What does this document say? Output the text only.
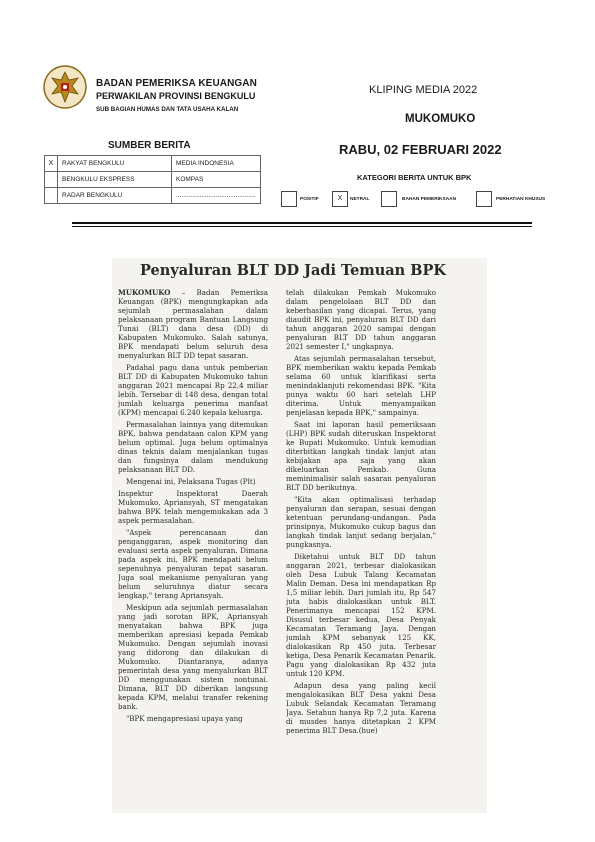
BADAN PEMERIKSA KEUANGAN
PERWAKILAN PROVINSI BENGKULU
SUB BAGIAN HUMAS DAN TATA USAHA KALAN
KLIPING MEDIA 2022
MUKOMUKO
RABU, 02 FEBRUARI 2022
SUMBER BERITA
X	RAKYAT BENGKULU	MEDIA INDONESIA
	BENGKULU EKSPRESS	KOMPAS
	RADAR BENGKULU	............................................
KATEGORI BERITA UNTUK BPK
POSITIF	X	NETRAL	BAHAN PEMERIKSAAN	PERHATIAN KHUSUS
Penyaluran BLT DD Jadi Temuan BPK

MUKOMUKO – Badan Pemeriksa Keuangan (BPK) mengungkapkan ada sejumlah permasalahan dalam pelaksanaan program Bantuan Langsung Tunai (BLT) dana desa (DD) di Kabupaten Mukomuko. Salah satunya, BPK mendapati belum seluruh desa menyalurkan BLT DD tepat sasaran.

Padahal pagu dana untuk pemberian BLT DD di Kabupaten Mukomuko tahun anggaran 2021 mencapai Rp 22,4 miliar lebih. Tersebar di 148 desa, dengan total jumlah keluarga penerima manfaat (KPM) mencapai 6.240 kepala keluarga.

Permasalahan lainnya yang ditemukan BPK, bahwa pendataan calon KPM yang belum optimal. Juga belum optimalnya dinas teknis dalam menjalankan tugas dan fungsinya dalam mendukung pelaksanaan BLT DD.

Mengenai ini, Pelaksana Tugas (Plt)

Inspektur Inspektorat Daerah Mukomuko, Apriansyah, ST mengatakan bahwa BPK telah mengemukakan ada 3 aspek permasalahan.

"Aspek perencanaan dan penganggaran, aspek monitoring dan evaluasi serta aspek penyaluran. Dimana pada aspek ini, BPK mendapati belum sepenuhnya penyaluran tepat sasaran. Juga soal mekanisme penyaluran yang belum seluruhnya diatur secara lengkap," terang Apriansyah.

Meskipun ada sejumlah permasalahan yang jadi sorotan BPK, Apriansyah menyatakan bahwa BPK juga memberikan apresiasi kepada Pemkab Mukomuko. Dengan sejumlah inovasi yang didorong dan dilakukan di Mukomuko. Diantaranya, adanya pemerintah desa yang menyalurkan BLT DD menggunakan sistem nontunai. Dimana, BLT DD diberikan langsung kepada KPM, melalui transfer rekening bank.

"BPK mengapresiasi upaya yang

telah dilakukan Pemkab Mukomuko dalam pengelolaan BLT DD dan keberhasilan yang dicapai. Terus, yang diaudit BPK ini, penyaluran BLT DD dari tahun anggaran 2020 sampai dengan penyaluran BLT DD tahun anggaran 2021 semester I," ungkapnya.

Atas sejumlah permasalahan tersebut, BPK memberikan waktu kepada Pemkab selama 60 untuk klarifikasi serta menindaklanjuti rekomendasi BPK. "Kita punya waktu 60 hari setelah LHP diterima. Untuk menyampaikan penjelasan kepada BPK," sampainya.

Saat ini laporan hasil pemeriksaan (LHP) BPK sudah diteruskan Inspektorat ke Bupati Mukomuko. Untuk kemudian diterbitkan langkah tindak lanjut atau kebijakan apa saja yang akan dikeluarkan Pemkab. Guna meminimalisir salah sasaran penyaluran BLT DD berikutnya.

"Kita akan optimalisasi terhadap penyaluran dan serapan, sesuai dengan ketentuan perundang-undangan. Pada prinsipnya, Mukomuko cukup bagus dan langkah tindak lanjut sedang berjalan," pungkasnya.

Diketahui untuk BLT DD tahun anggaran 2021, terbesar dialokasikan oleh Desa Lubuk Talang Kecamatan Malin Deman. Desa ini mendapatkan Rp 1,5 miliar lebih. Dari jumlah itu, Rp 547 juta habis dialokasikan untuk BLT. Penerimanya mencapai 152 KPM. Disusul terbesar kedua, Desa Penyak Kecamatan Teramang Jaya. Dengan jumlah KPM sebanyak 125 KK, dialokasikan Rp 450 juta. Terbesar ketiga, Desa Penarik Kecamatan Penarik. Pagu yang dialokasikan Rp 432 juta untuk 120 KPM.

Adapun desa yang paling kecil mengalokasikan BLT Desa yakni Desa Lubuk Selandak Kecamatan Teramang Jaya. Setahun hanya Rp 7,2 juta. Karena di musdes hanya ditetapkan 2 KPM penerima BLT Desa.(hue)
